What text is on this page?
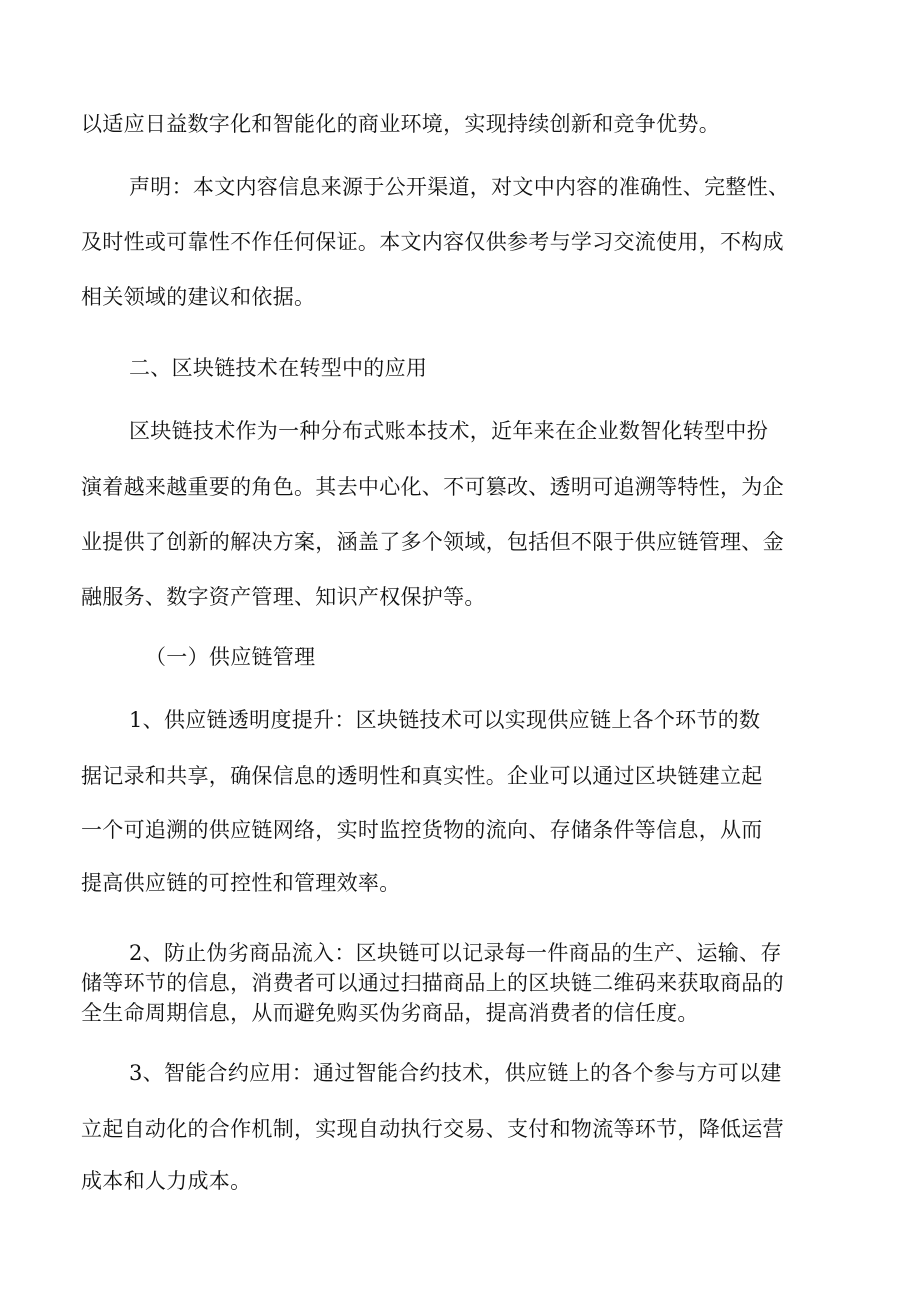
以适应日益数字化和智能化的商业环境，实现持续创新和竞争优势。
声明：本文内容信息来源于公开渠道，对文中内容的准确性、完整性、
及时性或可靠性不作任何保证。本文内容仅供参考与学习交流使用，不构成
相关领域的建议和依据。
二、区块链技术在转型中的应用
区块链技术作为一种分布式账本技术，近年来在企业数智化转型中扮
演着越来越重要的角色。其去中心化、不可篡改、透明可追溯等特性，为企
业提供了创新的解决方案，涵盖了多个领域，包括但不限于供应链管理、金
融服务、数字资产管理、知识产权保护等。
（一）供应链管理
1、供应链透明度提升：区块链技术可以实现供应链上各个环节的数
据记录和共享，确保信息的透明性和真实性。企业可以通过区块链建立起
一个可追溯的供应链网络，实时监控货物的流向、存储条件等信息，从而
提高供应链的可控性和管理效率。
2、防止伪劣商品流入：区块链可以记录每一件商品的生产、运输、存
储等环节的信息，消费者可以通过扫描商品上的区块链二维码来获取商品的
全生命周期信息，从而避免购买伪劣商品，提高消费者的信任度。
3、智能合约应用：通过智能合约技术，供应链上的各个参与方可以建
立起自动化的合作机制，实现自动执行交易、支付和物流等环节，降低运营
成本和人力成本。
